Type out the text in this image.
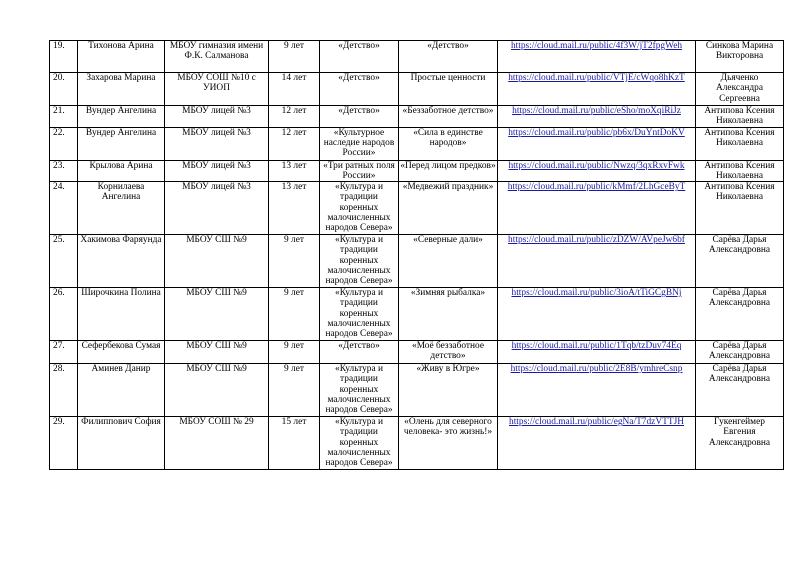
19.	Тихонова Арина	МБОУ гимназия имени Ф.К. Салманова	9 лет	«Детство»	«Детство»	https://cloud.mail.ru/public/4f3W/jT2fpgWeh	Синкова Марина Викторовна
20.	Захарова Марина	МБОУ СОШ №10 с УИОП	14 лет	«Детство»	Простые ценности	https://cloud.mail.ru/public/VTjE/cWqo8hKzT	Дьяченко Александра Сергеевна
21.	Вундер Ангелина	МБОУ лицей №3	12 лет	«Детство»	«Беззаботное детство»	https://cloud.mail.ru/public/eSho/moXqiRiJz	Антипова Ксения Николаевна
22.	Вундер Ангелина	МБОУ лицей №3	12 лет	«Культурное наследие народов России»	«Сила в единстве народов»	https://cloud.mail.ru/public/pb6x/DuYntDoKV	Антипова Ксения Николаевна
23.	Крылова Арина	МБОУ лицей №3	13 лет	«Три ратных поля России»	«Перед лицом предков»	https://cloud.mail.ru/public/Nwzq/3qxRxvFwk	Антипова Ксения Николаевна
24.	Корнилаева Ангелина	МБОУ лицей №3	13 лет	«Культура и традиции коренных малочисленных народов Севера»	«Медвежий праздник»	https://cloud.mail.ru/public/kMmf/2LhGceByT	Антипова Ксения Николаевна
25.	Хакимова Фаряунда	МБОУ СШ №9	9 лет	«Культура и традиции коренных малочисленных народов Севера»	«Северные дали»	https://cloud.mail.ru/public/zDZW/AVpeJw6bf	Сарёва Дарья Александровна
26.	Широчкина Полина	МБОУ СШ №9	9 лет	«Культура и традиции коренных малочисленных народов Севера»	«Зимняя рыбалка»	https://cloud.mail.ru/public/3ioA/tTiGCgBNj	Сарёва Дарья Александровна
27.	Сефербекова Сумая	МБОУ СШ №9	9 лет	«Детство»	«Моё беззаботное детство»	https://cloud.mail.ru/public/1Tqb/tzDuv74Eq	Сарёва Дарья Александровна
28.	Аминев Данир	МБОУ СШ №9	9 лет	«Культура и традиции коренных малочисленных народов Севера»	«Живу в Югре»	https://cloud.mail.ru/public/2E8B/ymhreCsnp	Сарёва Дарья Александровна
29.	Филиппович София	МБОУ СОШ № 29	15 лет	«Культура и традиции коренных малочисленных народов Севера»	«Олень для северного человека- это жизнь!»	https://cloud.mail.ru/public/egNa/T7dzVTTJH	Гукенгеймер Евгения Александровна
